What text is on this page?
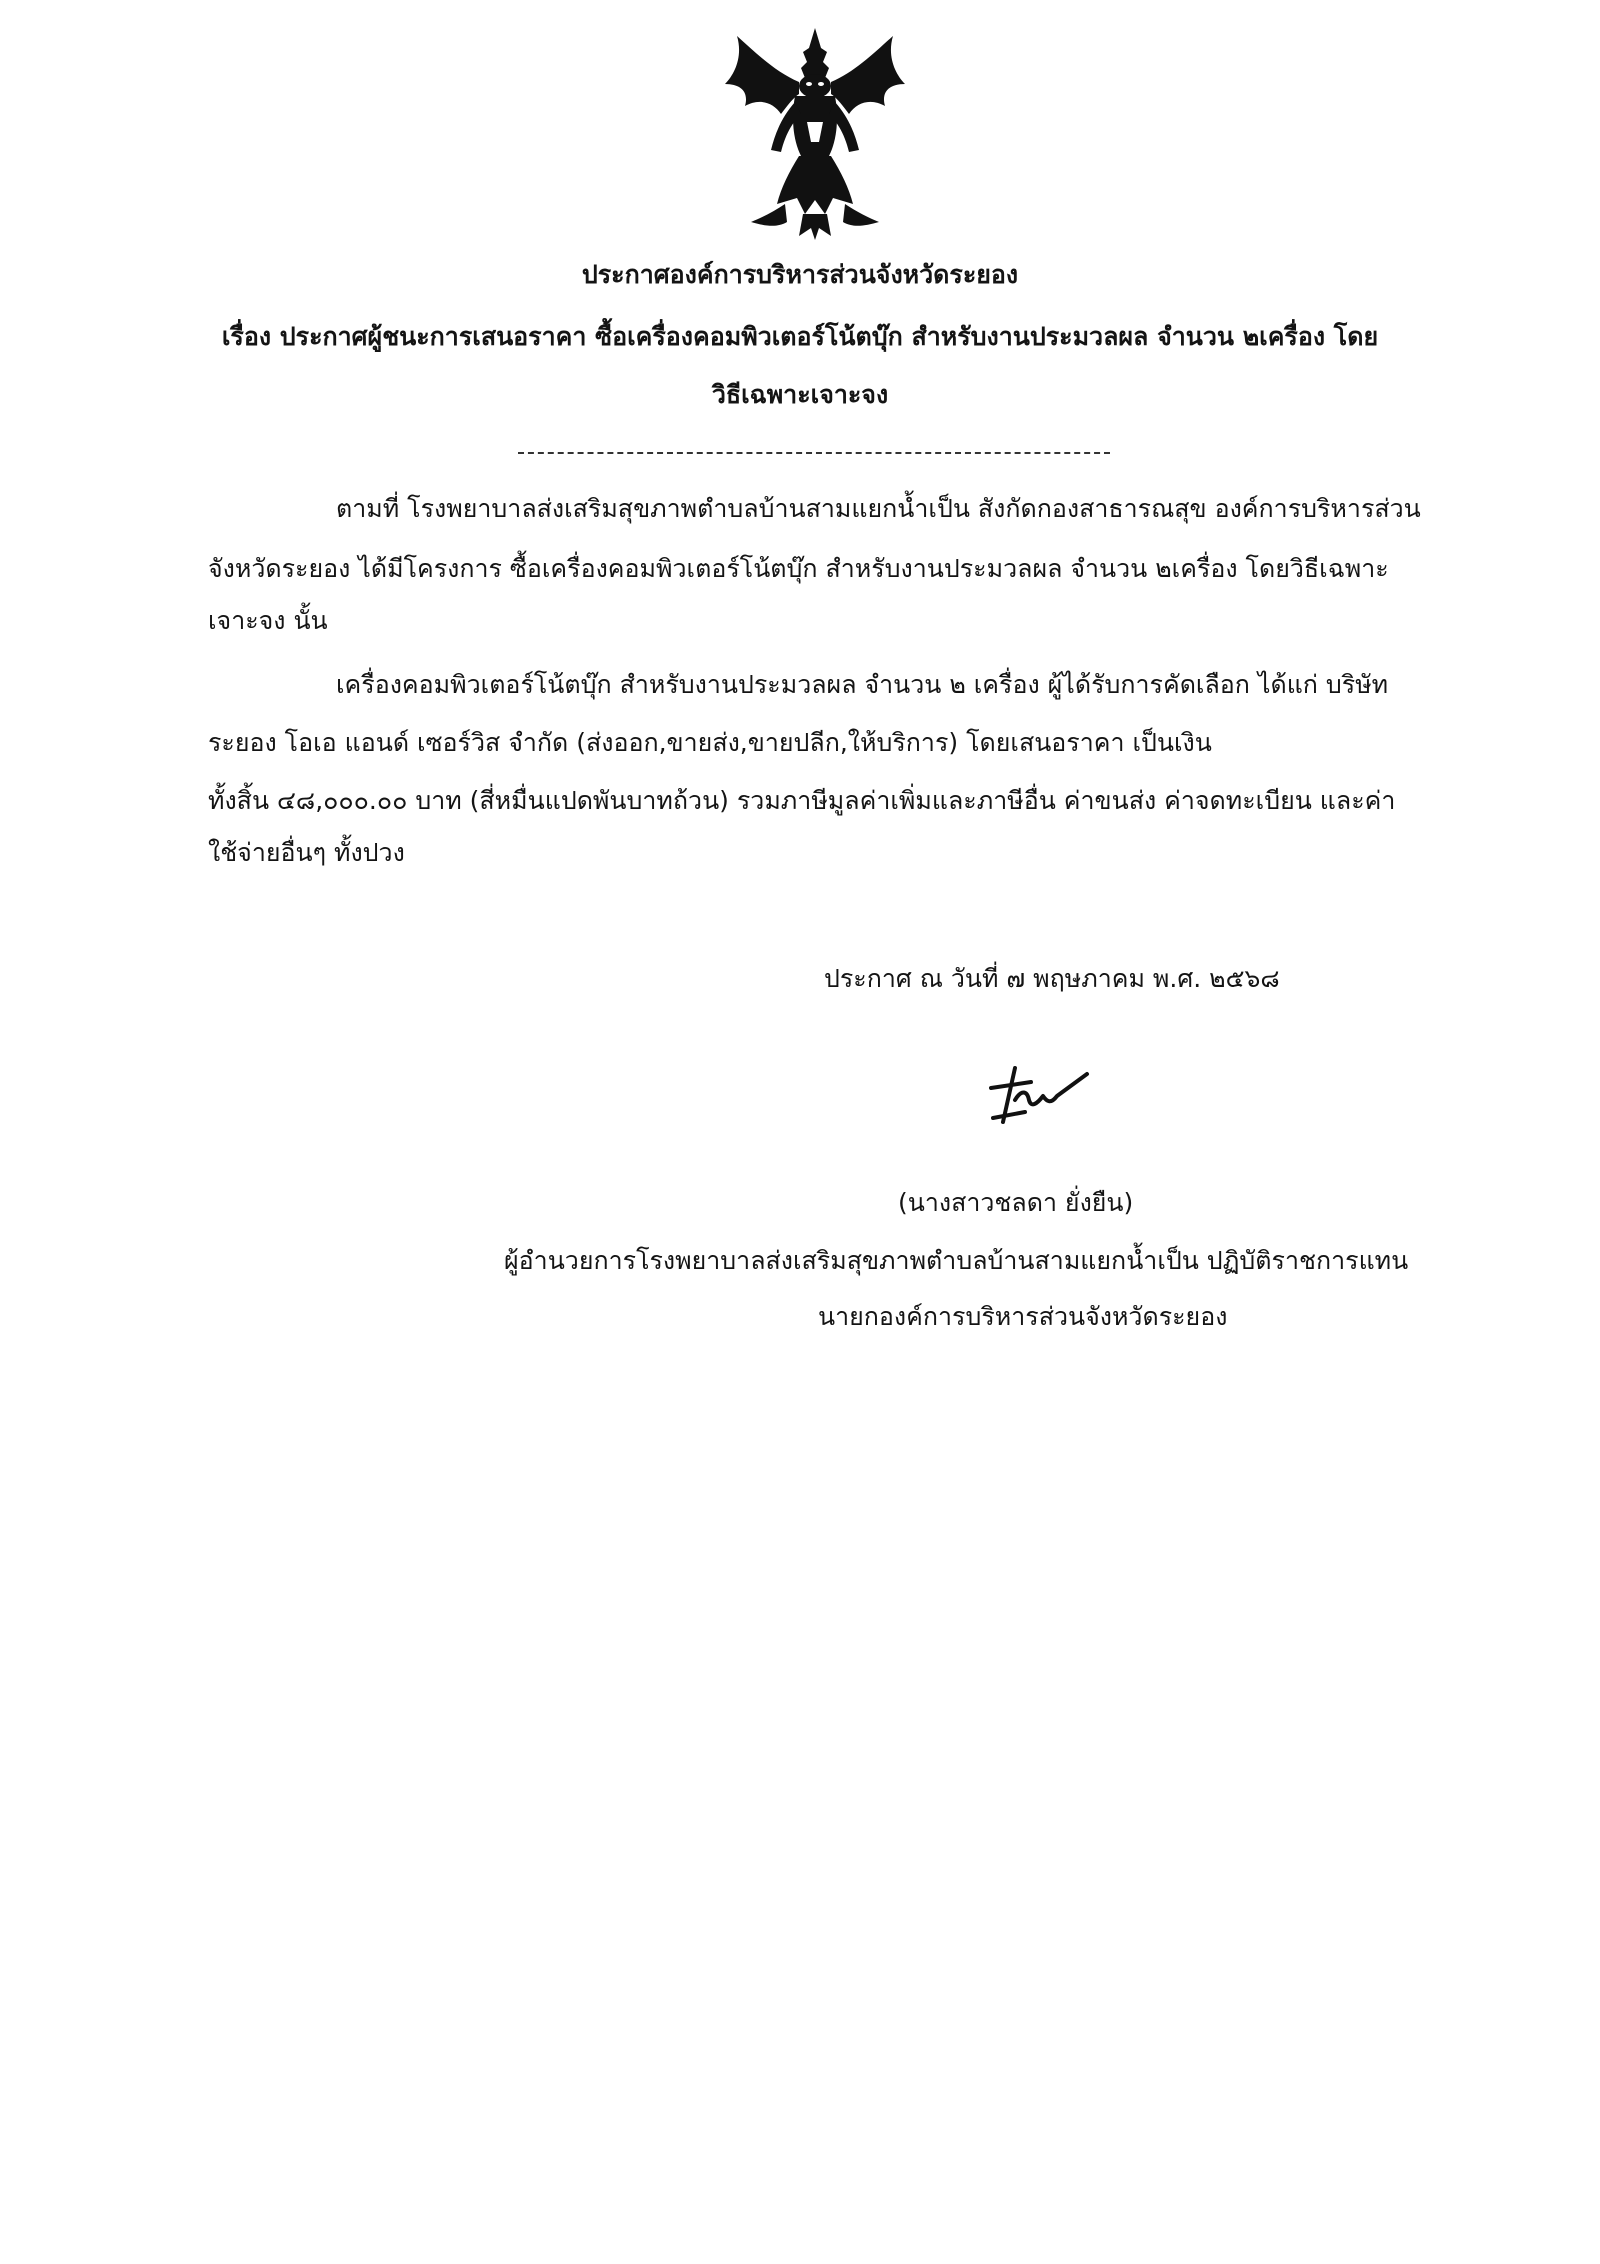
ประกาศองค์การบริหารส่วนจังหวัดระยอง
เรื่อง ประกาศผู้ชนะการเสนอราคา ซื้อเครื่องคอมพิวเตอร์โน้ตบุ๊ก สำหรับงานประมวลผล จำนวน ๒เครื่อง โดย
วิธีเฉพาะเจาะจง
ตามที่ โรงพยาบาลส่งเสริมสุขภาพตำบลบ้านสามแยกน้ำเป็น สังกัดกองสาธารณสุข องค์การบริหารส่วน
จังหวัดระยอง ได้มีโครงการ ซื้อเครื่องคอมพิวเตอร์โน้ตบุ๊ก สำหรับงานประมวลผล จำนวน ๒เครื่อง โดยวิธีเฉพาะ
เจาะจง นั้น
เครื่องคอมพิวเตอร์โน้ตบุ๊ก สำหรับงานประมวลผล จำนวน ๒ เครื่อง ผู้ได้รับการคัดเลือก ได้แก่ บริษัท
ระยอง โอเอ แอนด์ เซอร์วิส จำกัด (ส่งออก,ขายส่ง,ขายปลีก,ให้บริการ) โดยเสนอราคา เป็นเงิน
ทั้งสิ้น ๔๘,๐๐๐.๐๐ บาท (สี่หมื่นแปดพันบาทถ้วน) รวมภาษีมูลค่าเพิ่มและภาษีอื่น ค่าขนส่ง ค่าจดทะเบียน และค่า
ใช้จ่ายอื่นๆ ทั้งปวง
ประกาศ ณ วันที่ ๗ พฤษภาคม พ.ศ. ๒๕๖๘
(นางสาวชลดา ยั่งยืน)
ผู้อำนวยการโรงพยาบาลส่งเสริมสุขภาพตำบลบ้านสามแยกน้ำเป็น ปฏิบัติราชการแทน
นายกองค์การบริหารส่วนจังหวัดระยอง
